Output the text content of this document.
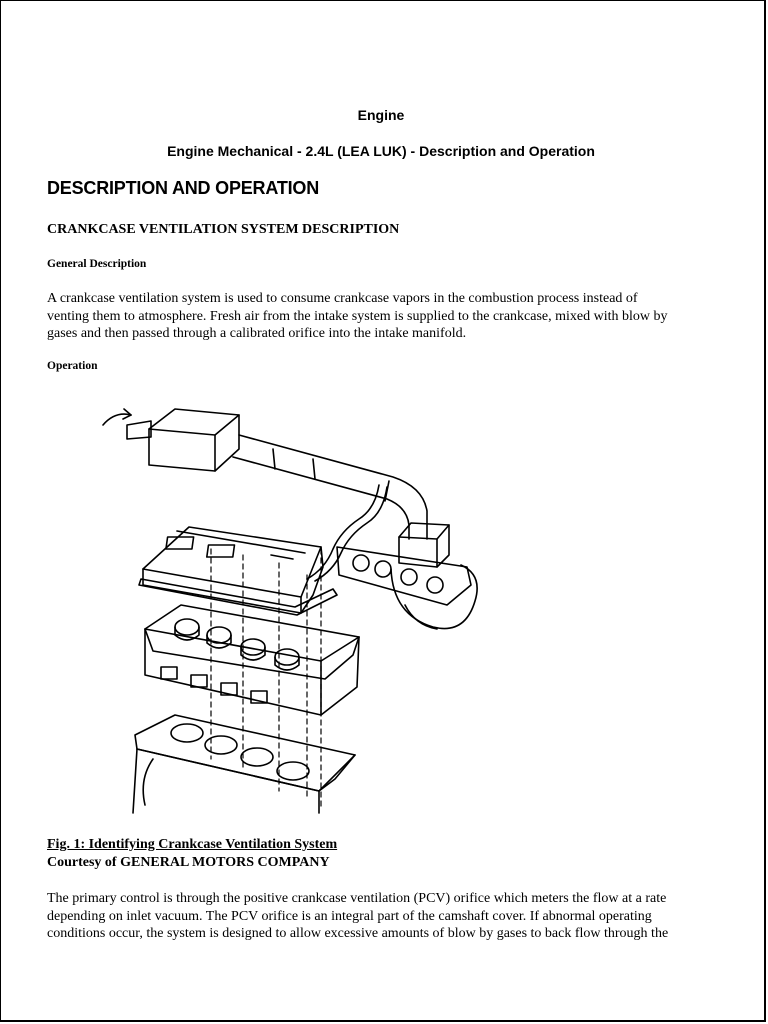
Engine
Engine Mechanical - 2.4L (LEA LUK) - Description and Operation
DESCRIPTION AND OPERATION
CRANKCASE VENTILATION SYSTEM DESCRIPTION
General Description
A crankcase ventilation system is used to consume crankcase vapors in the combustion process instead of
venting them to atmosphere. Fresh air from the intake system is supplied to the crankcase, mixed with blow by
gases and then passed through a calibrated orifice into the intake manifold.
Operation
Fig. 1: Identifying Crankcase Ventilation System
Courtesy of GENERAL MOTORS COMPANY
The primary control is through the positive crankcase ventilation (PCV) orifice which meters the flow at a rate
depending on inlet vacuum. The PCV orifice is an integral part of the camshaft cover. If abnormal operating
conditions occur, the system is designed to allow excessive amounts of blow by gases to back flow through the
